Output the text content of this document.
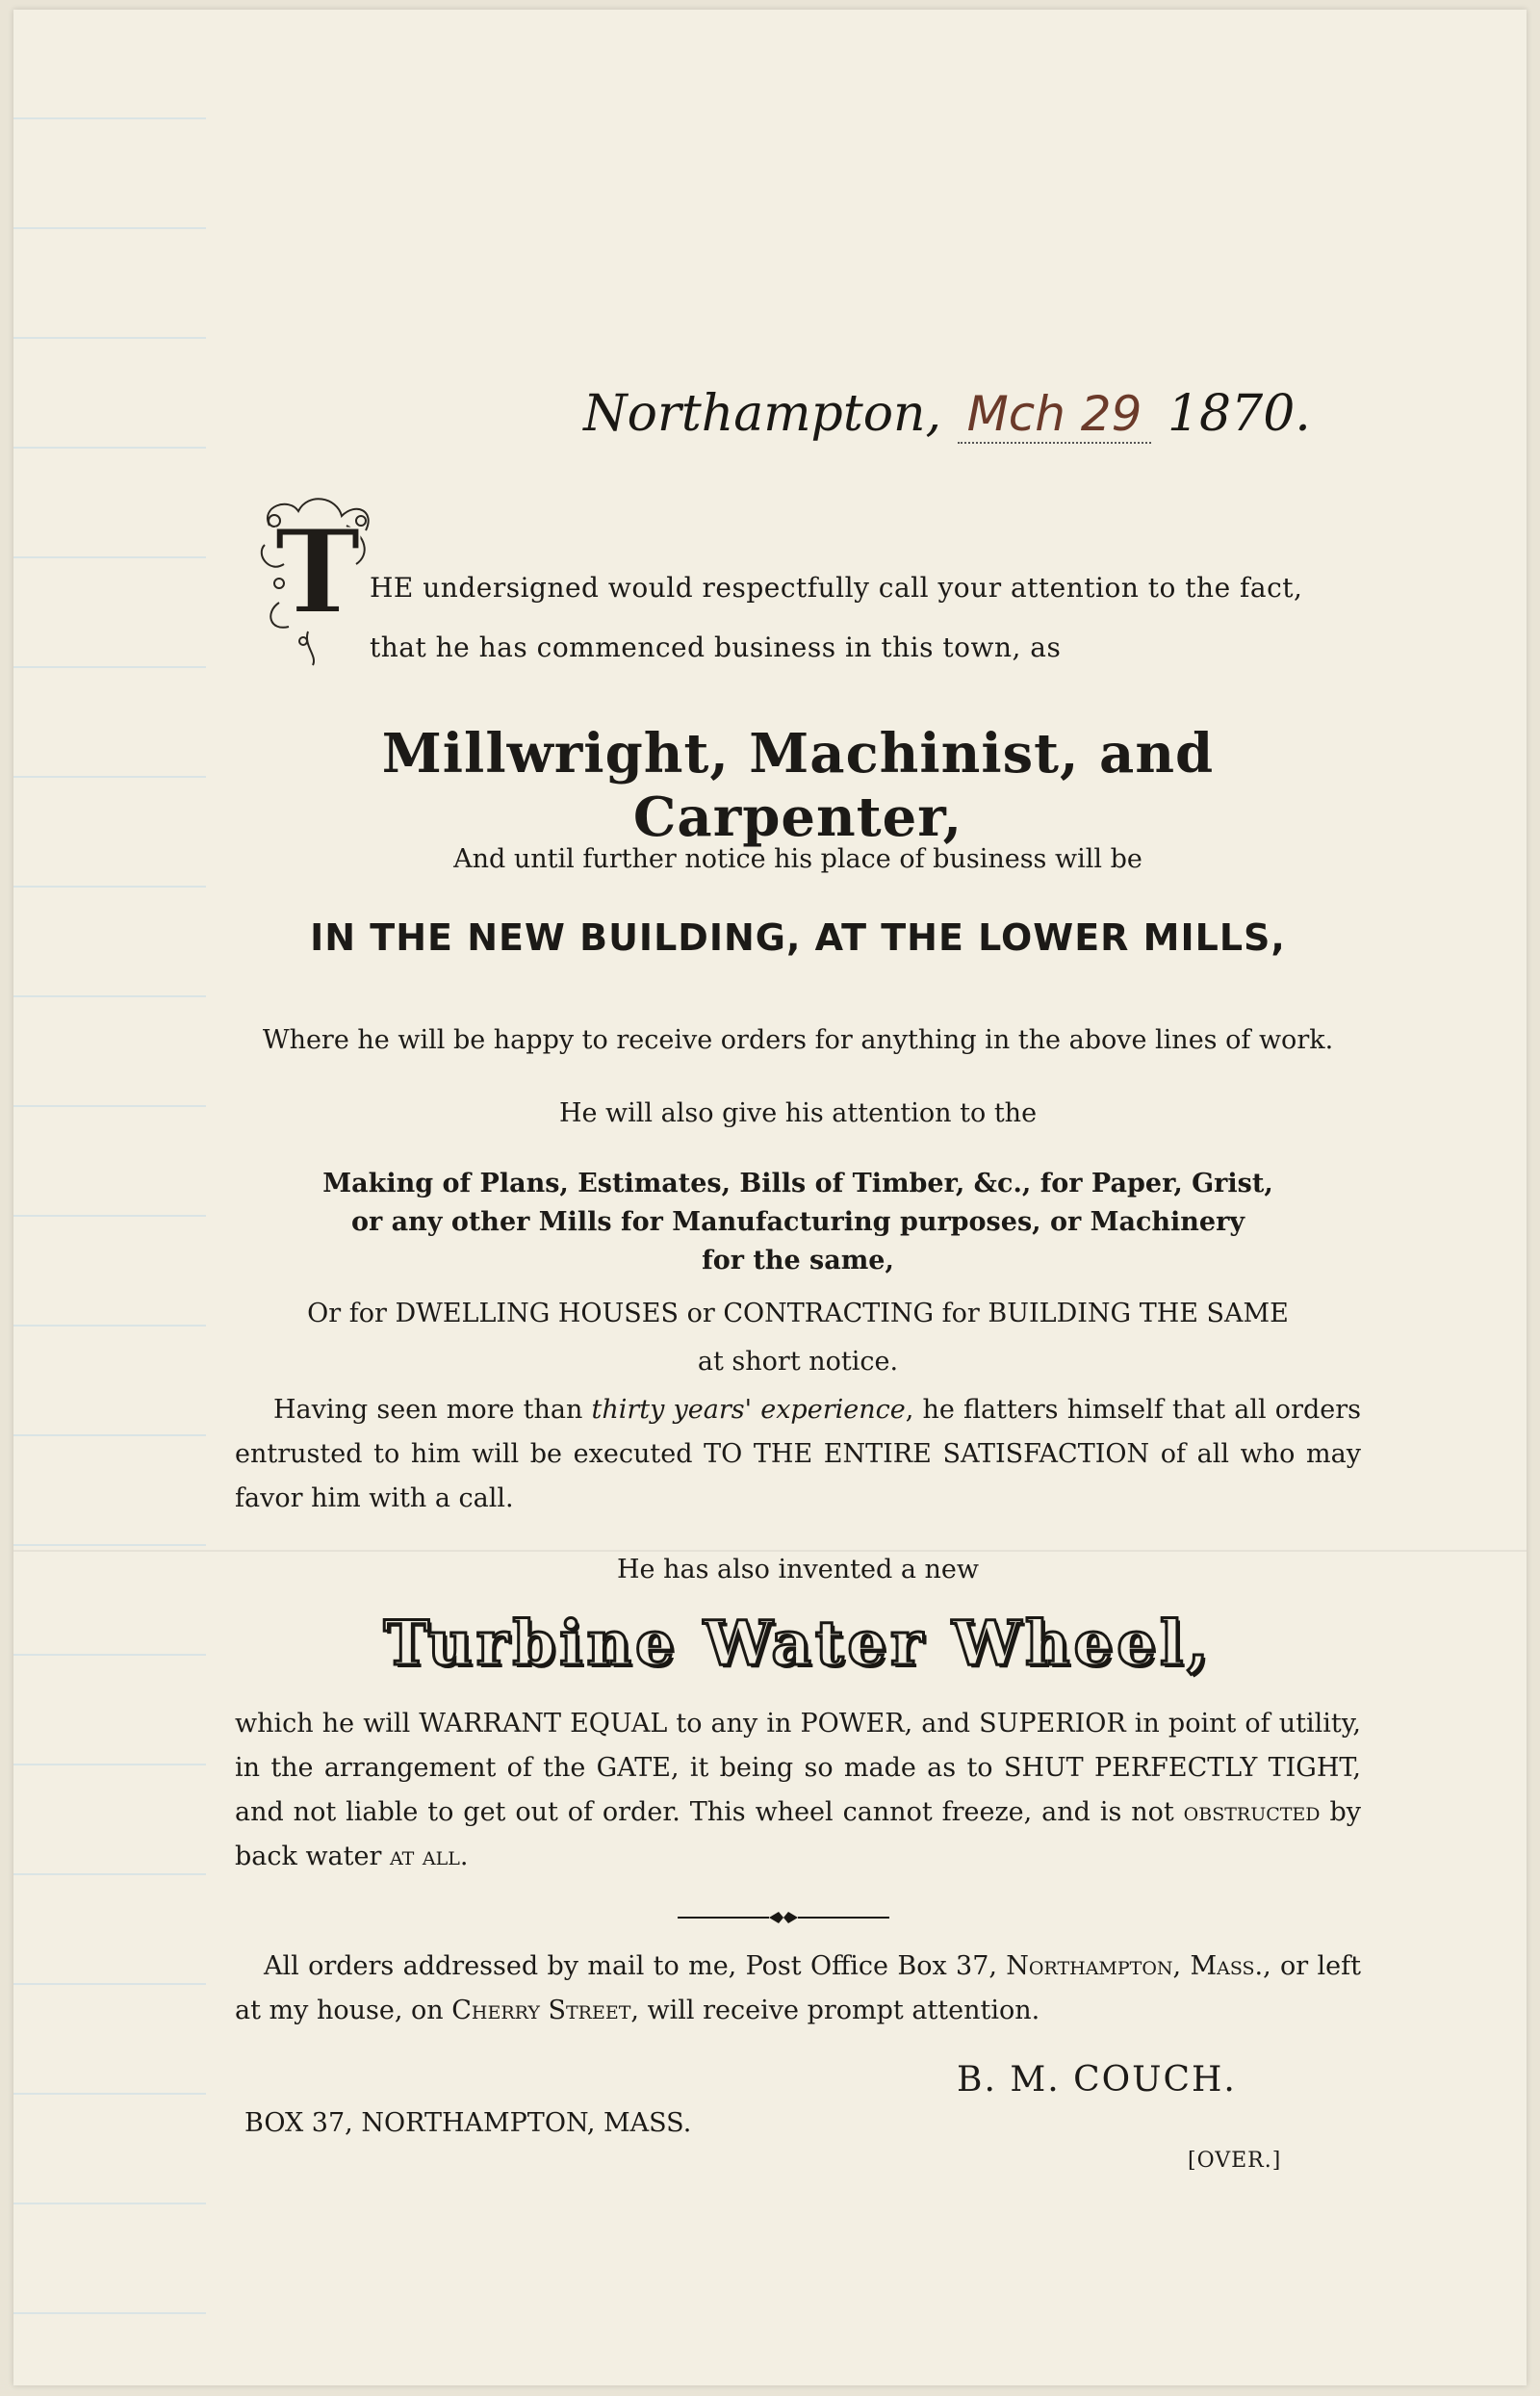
Northampton, Mch 29 1870.
T HE undersigned would respectfully call your attention to the fact,
that he has commenced business in this town, as
Millwright, Machinist, and Carpenter,
And until further notice his place of business will be
IN THE NEW BUILDING, AT THE LOWER MILLS,
Where he will be happy to receive orders for anything in the above lines of work.
He will also give his attention to the
Making of Plans, Estimates, Bills of Timber, &c., for Paper, Grist,
or any other Mills for Manufacturing purposes, or Machinery
for the same,
Or for DWELLING HOUSES or CONTRACTING for BUILDING THE SAME
at short notice.
Having seen more than thirty years' experience, he flatters himself that all orders entrusted to him will be executed TO THE ENTIRE SATISFACTION of all who may favor him with a call.
He has also invented a new
Turbine Water Wheel,
which he will WARRANT EQUAL to any in POWER, and SUPERIOR in point of utility, in the arrangement of the GATE, it being so made as to SHUT PERFECTLY TIGHT, and not liable to get out of order. This wheel cannot freeze, and is not obstructed by back water at all.
All orders addressed by mail to me, Post Office Box 37, Northampton, Mass., or left at my house, on Cherry Street, will receive prompt attention.
B. M. COUCH.
BOX 37, NORTHAMPTON, MASS.
[OVER.]
